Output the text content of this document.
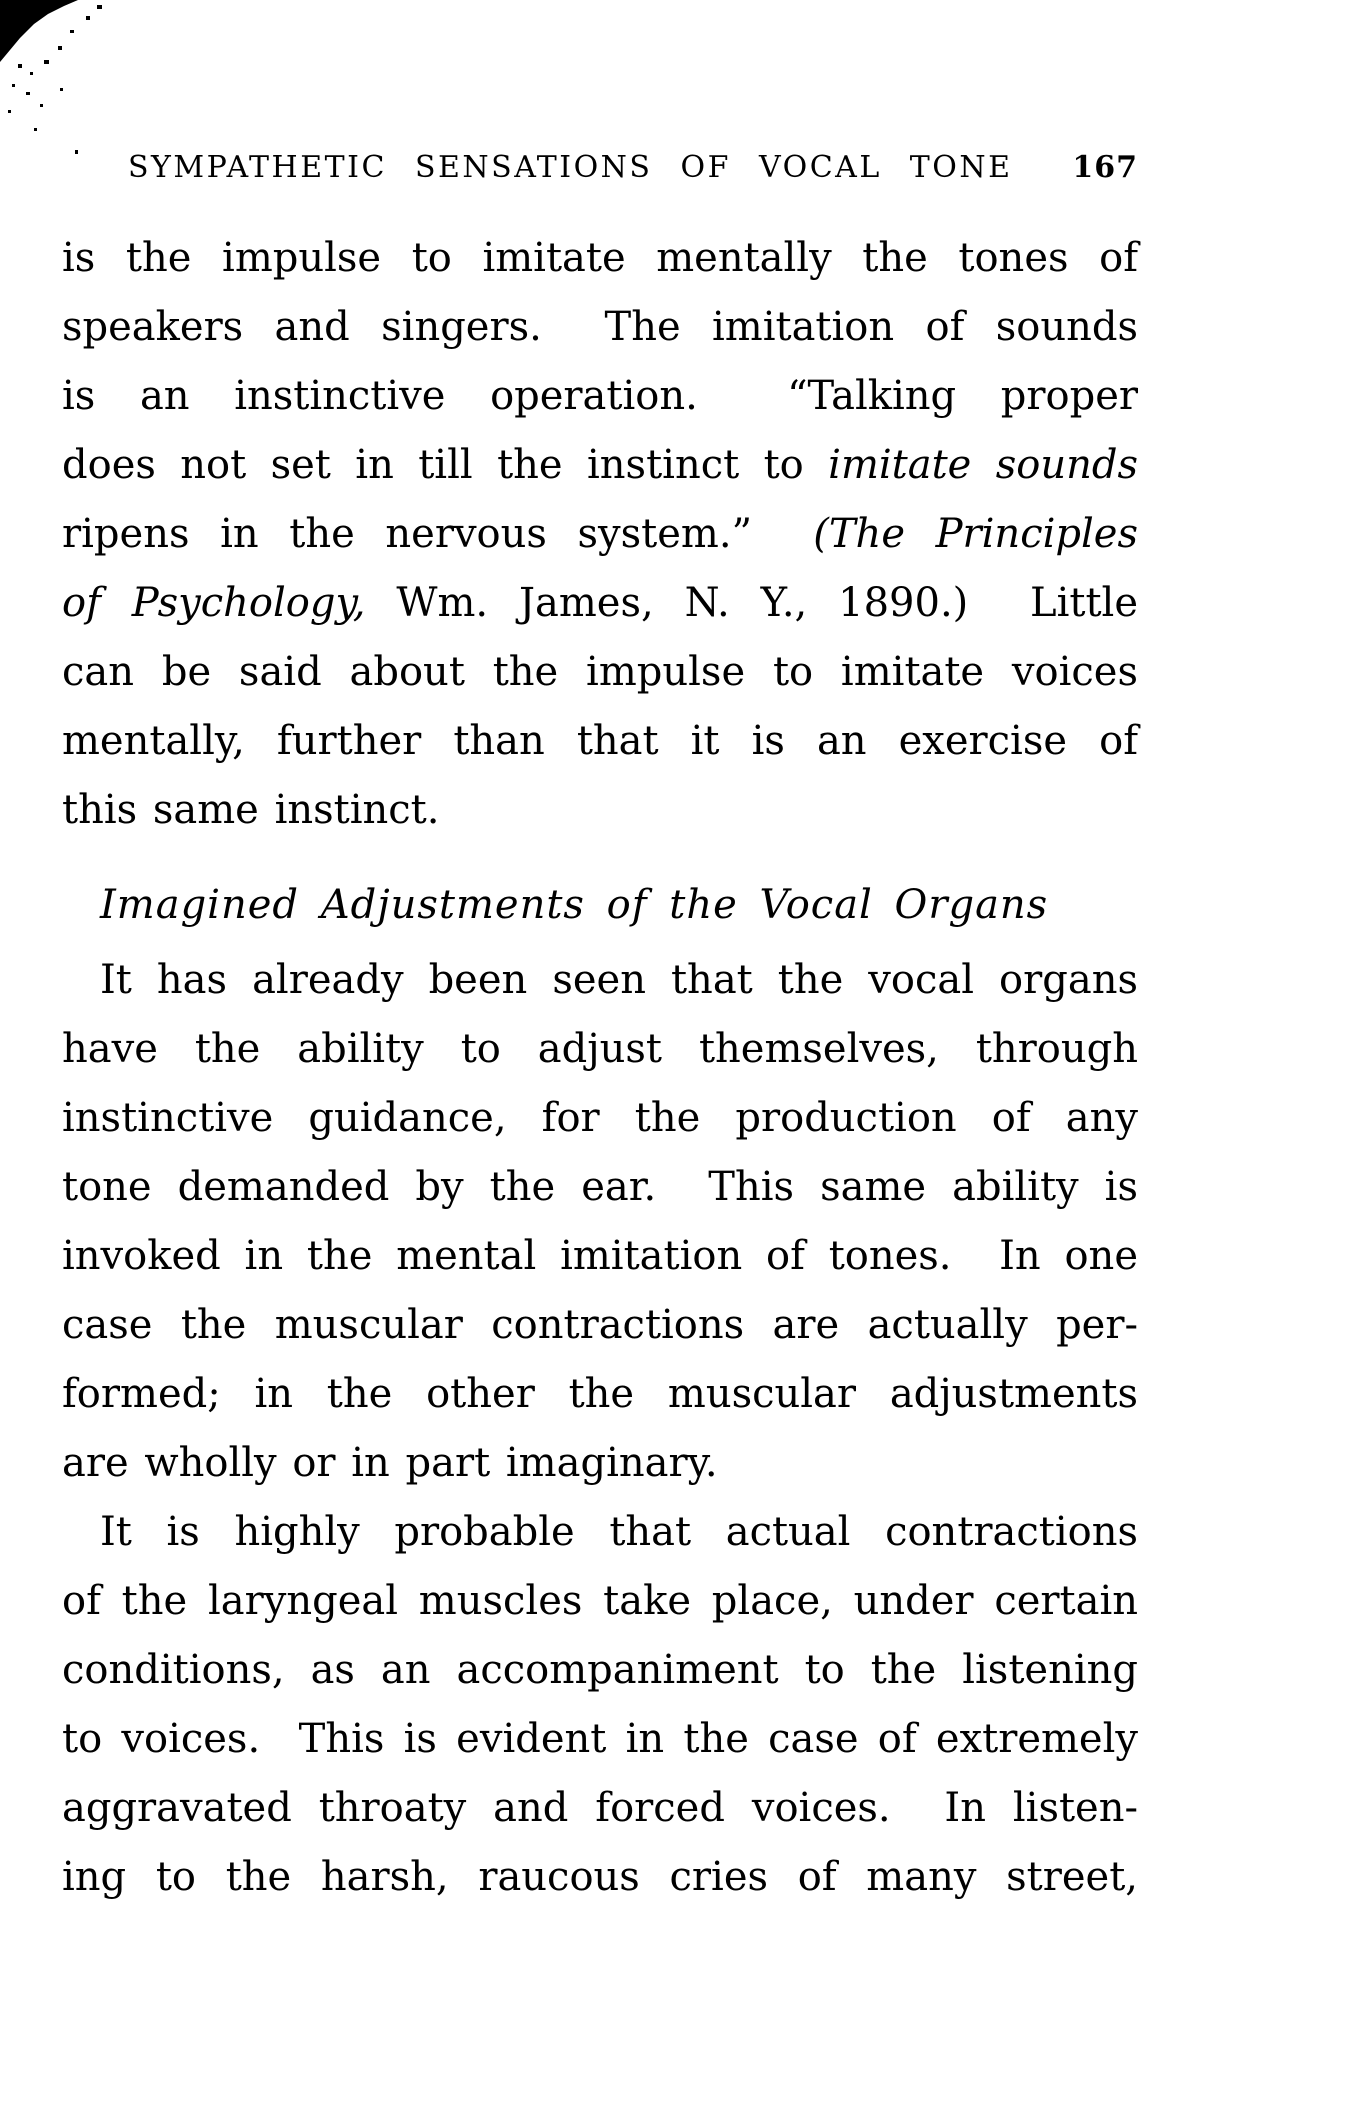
SYMPATHETIC SENSATIONS OF VOCAL TONE 167
is the impulse to imitate mentally the tones of
speakers and singers.  The imitation of sounds
is an instinctive operation.  “Talking proper
does not set in till the instinct to imitate sounds
ripens in the nervous system.”  (The Principles
of Psychology, Wm. James, N. Y., 1890.)  Little
can be said about the impulse to imitate voices
mentally, further than that it is an exercise of
this same instinct.
Imagined Adjustments of the Vocal Organs
It has already been seen that the vocal organs
have the ability to adjust themselves, through
instinctive guidance, for the production of any
tone demanded by the ear.  This same ability is
invoked in the mental imitation of tones.  In one
case the muscular contractions are actually per-
formed; in the other the muscular adjustments
are wholly or in part imaginary.
It is highly probable that actual contractions
of the laryngeal muscles take place, under certain
conditions, as an accompaniment to the listening
to voices.  This is evident in the case of extremely
aggravated throaty and forced voices.  In listen-
ing to the harsh, raucous cries of many street,
